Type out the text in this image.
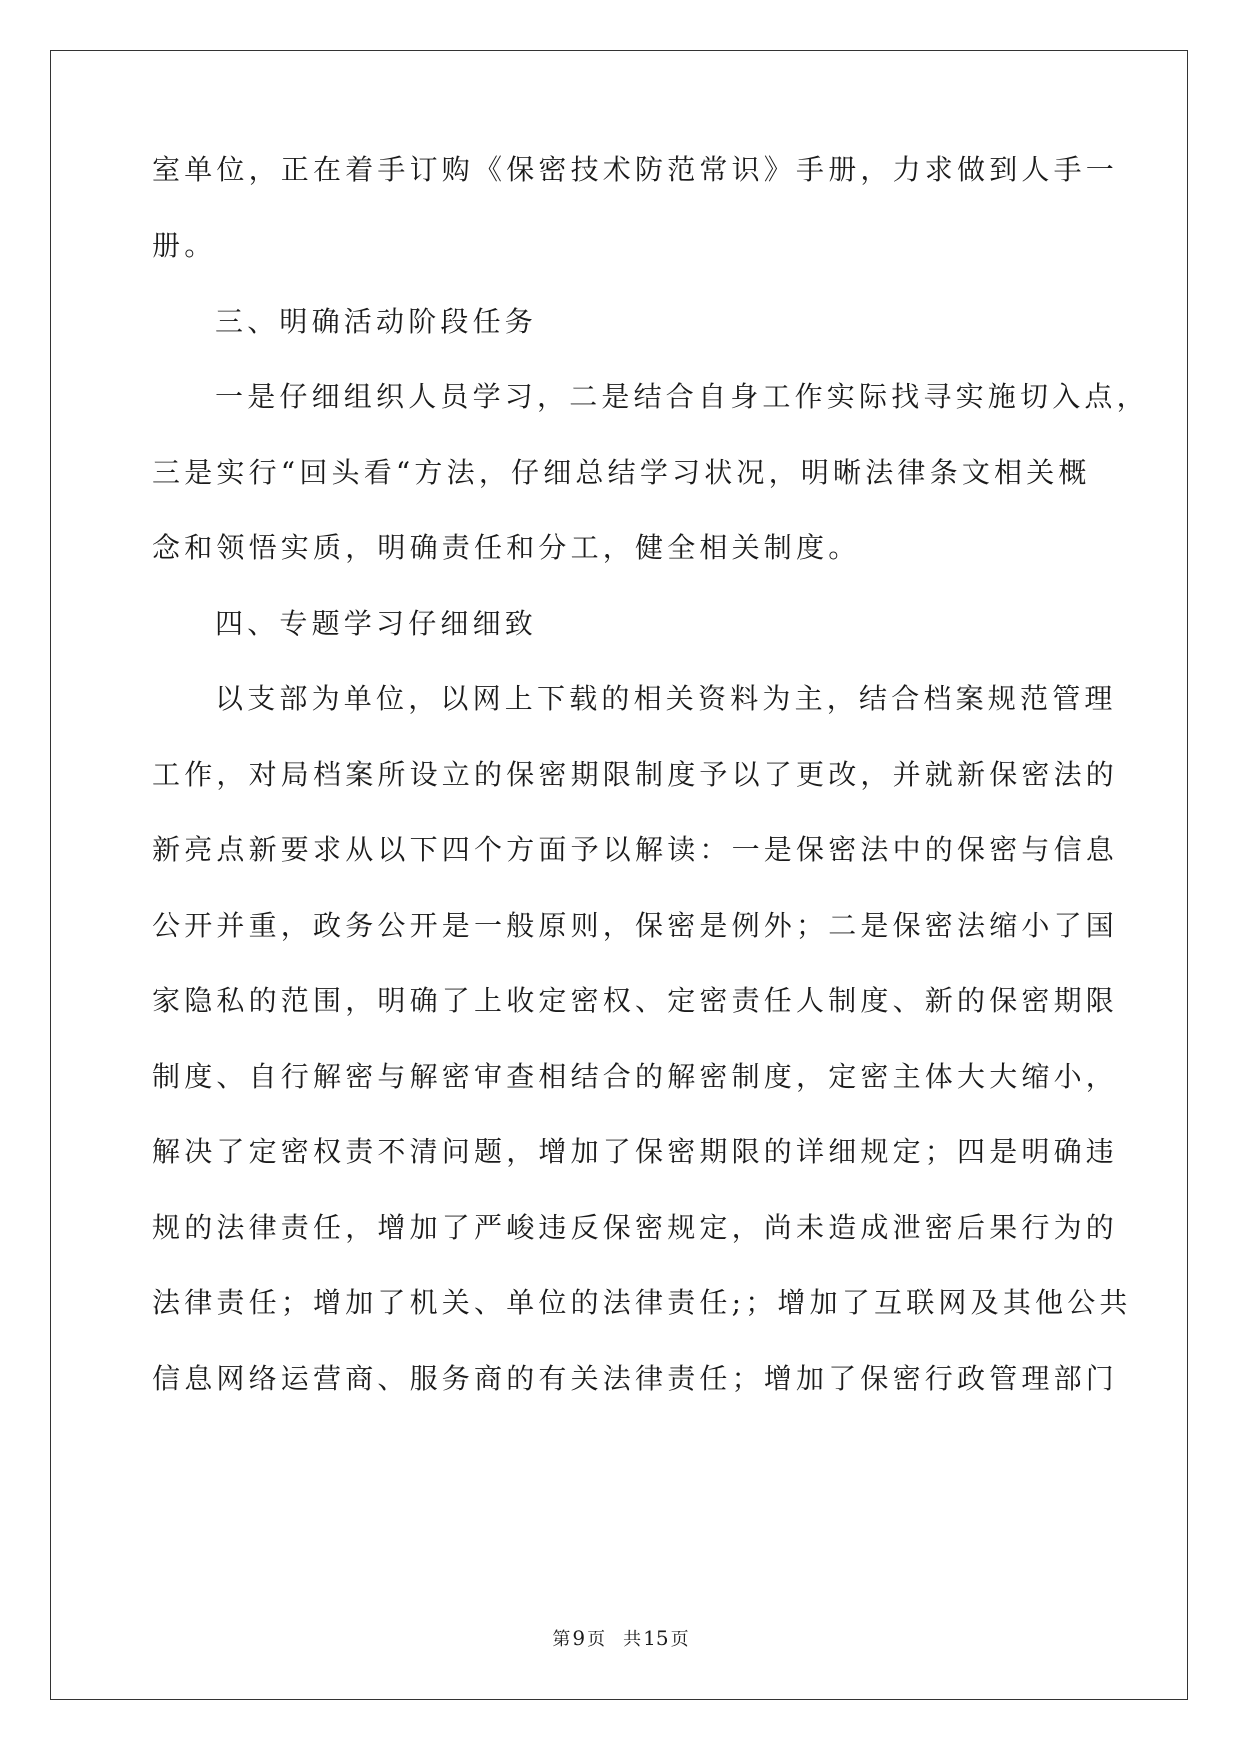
室单位，正在着手订购《保密技术防范常识》手册，力求做到人手一
册。
三、明确活动阶段任务
一是仔细组织人员学习，二是结合自身工作实际找寻实施切入点，
三是实行“回头看“方法，仔细总结学习状况，明晰法律条文相关概
念和领悟实质，明确责任和分工，健全相关制度。
四、专题学习仔细细致
以支部为单位，以网上下载的相关资料为主，结合档案规范管理
工作，对局档案所设立的保密期限制度予以了更改，并就新保密法的
新亮点新要求从以下四个方面予以解读：一是保密法中的保密与信息
公开并重，政务公开是一般原则，保密是例外；二是保密法缩小了国
家隐私的范围，明确了上收定密权、定密责任人制度、新的保密期限
制度、自行解密与解密审查相结合的解密制度，定密主体大大缩小，
解决了定密权责不清问题，增加了保密期限的详细规定；四是明确违
规的法律责任，增加了严峻违反保密规定，尚未造成泄密后果行为的
法律责任；增加了机关、单位的法律责任;；增加了互联网及其他公共
信息网络运营商、服务商的有关法律责任；增加了保密行政管理部门
第 9 页　共 15 页
